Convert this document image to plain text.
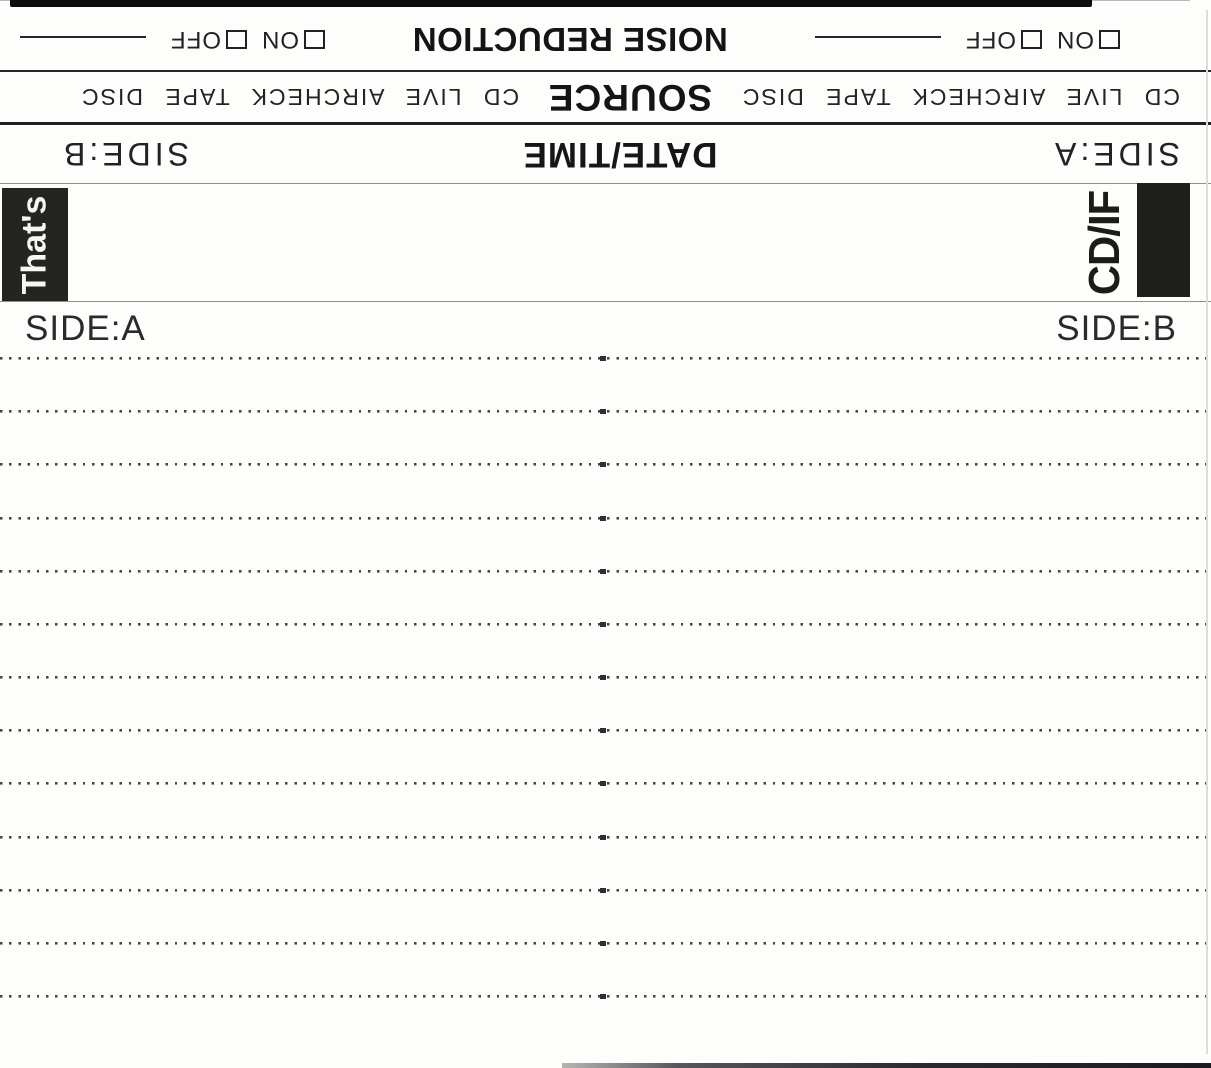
SIDE:A
DATE/TIME
SIDE:B
CD LIVE AIRCHECK TAPE DISC
SOURCE
CD LIVE AIRCHECK TAPE DISC
ON
OFF
NOISE REDUCTION
ON
OFF
That's	CD/IF
SIDE:A	SIDE:B
